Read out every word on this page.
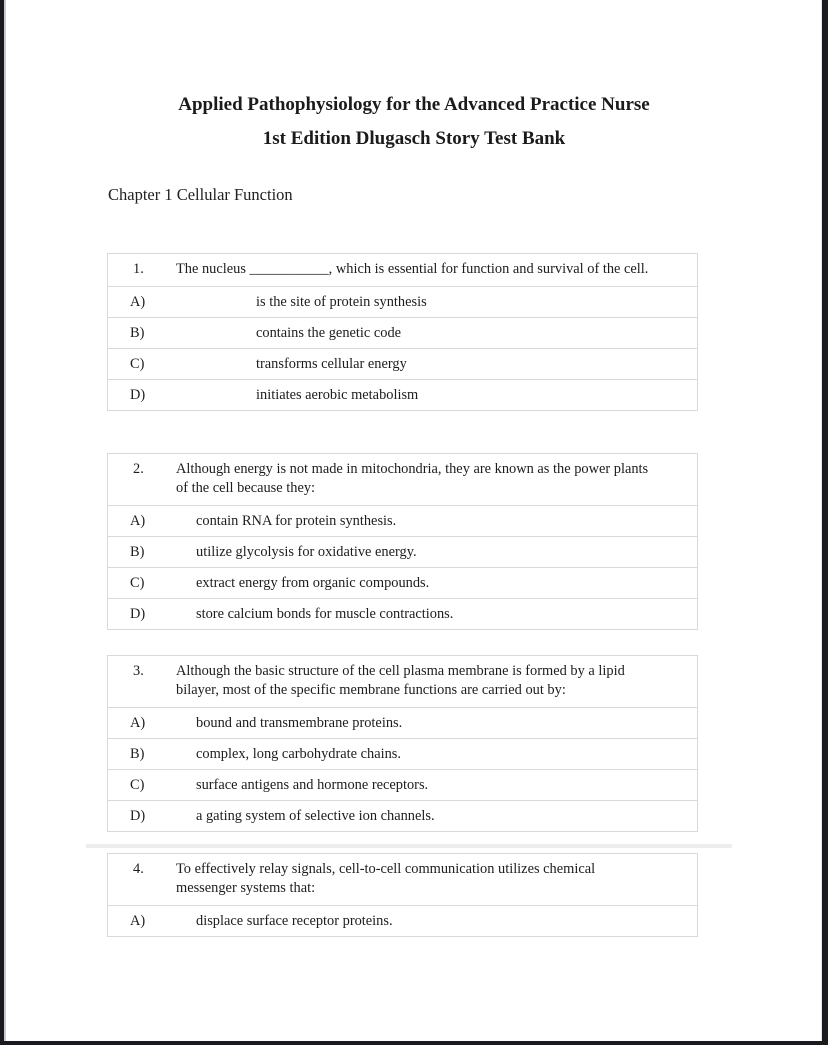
Applied Pathophysiology for the Advanced Practice Nurse
1st Edition Dlugasch Story Test Bank
Chapter 1 Cellular Function
1.	The nucleus ___________, which is essential for function and survival of the cell.
A)	is the site of protein synthesis
B)	contains the genetic code
C)	transforms cellular energy
D)	initiates aerobic metabolism
2.	Although energy is not made in mitochondria, they are known as the power plants of the cell because they:
A)	contain RNA for protein synthesis.
B)	utilize glycolysis for oxidative energy.
C)	extract energy from organic compounds.
D)	store calcium bonds for muscle contractions.
3.	Although the basic structure of the cell plasma membrane is formed by a lipid bilayer, most of the specific membrane functions are carried out by:
A)	bound and transmembrane proteins.
B)	complex, long carbohydrate chains.
C)	surface antigens and hormone receptors.
D)	a gating system of selective ion channels.
4.	To effectively relay signals, cell-to-cell communication utilizes chemical messenger systems that:
A)	displace surface receptor proteins.
